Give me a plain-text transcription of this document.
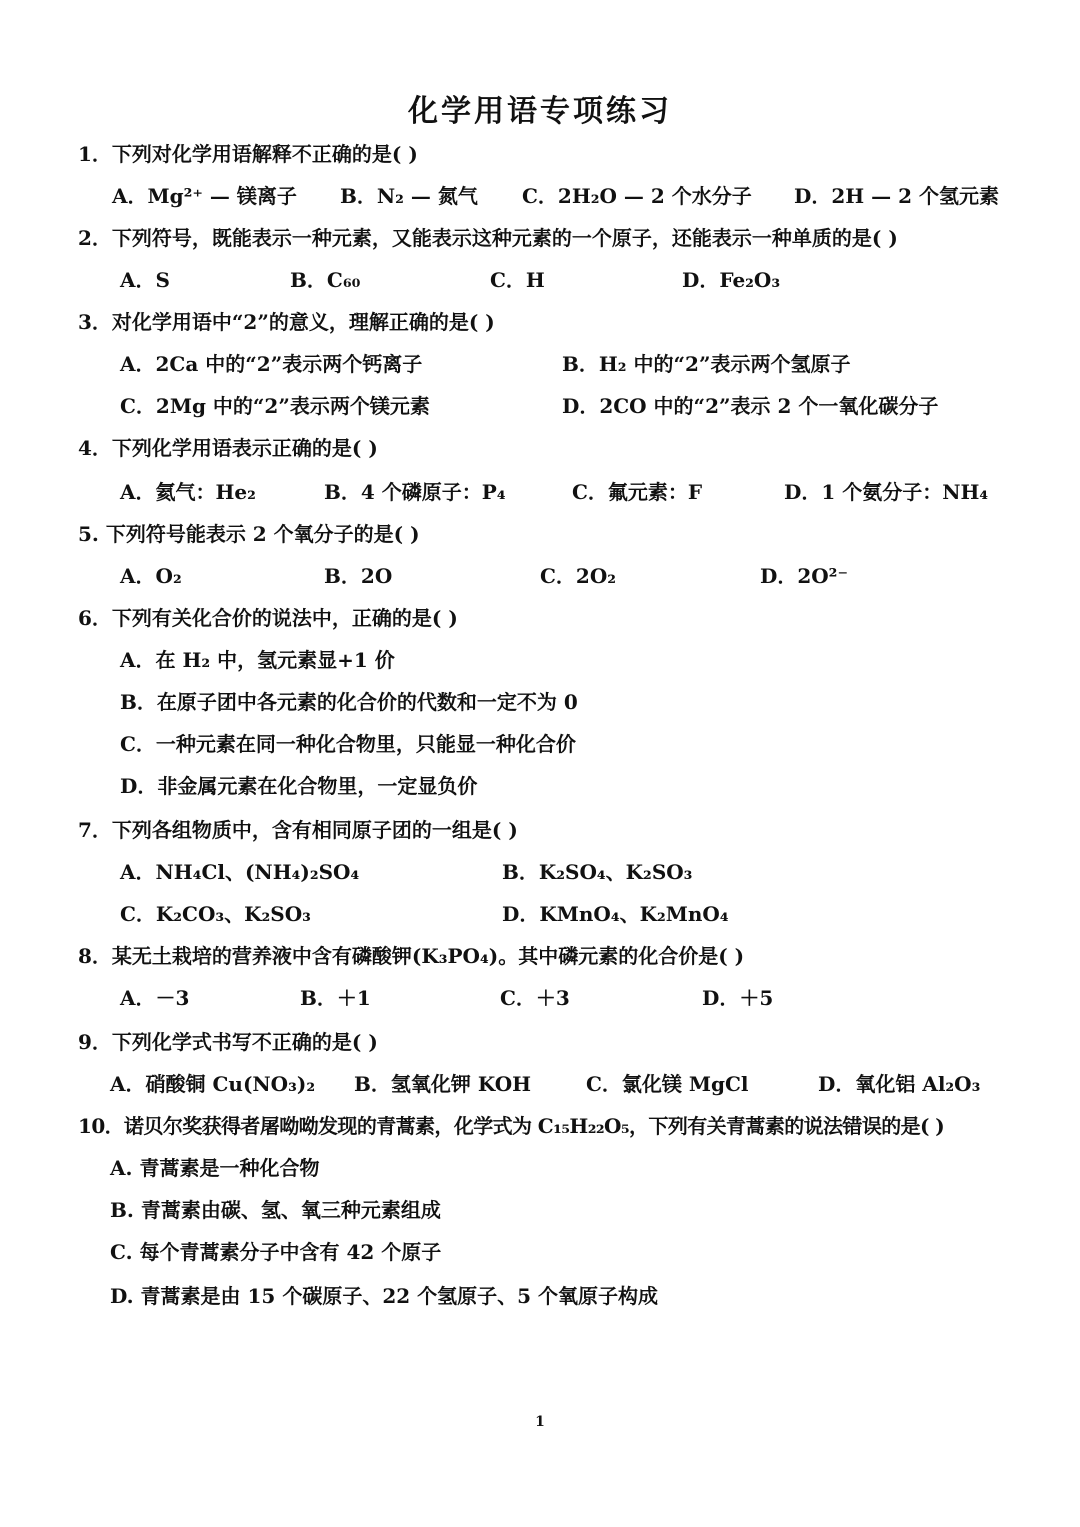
化学用语专项练习
1．下列对化学用语解释不正确的是( )
A．Mg²⁺ — 镁离子 B．N₂ — 氮气 C．2H₂O — 2 个水分子 D．2H — 2 个氢元素
2．下列符号，既能表示一种元素，又能表示这种元素的一个原子，还能表示一种单质的是( )
A．S	B．C₆₀	C．H	D．Fe₂O₃
3．对化学用语中“2”的意义，理解正确的是( )
A．2Ca 中的“2”表示两个钙离子	B．H₂ 中的“2”表示两个氢原子
C．2Mg 中的“2”表示两个镁元素	D．2CO 中的“2”表示 2 个一氧化碳分子
4．下列化学用语表示正确的是( )
A．氦气：He₂	B．4 个磷原子：P₄	C．氟元素：F	D．1 个氨分子：NH₄
5. 下列符号能表示 2 个氧分子的是( )
A．O₂	B．2O	C．2O₂	D．2O²⁻
6．下列有关化合价的说法中，正确的是( )
A．在 H₂ 中，氢元素显+1 价
B．在原子团中各元素的化合价的代数和一定不为 0
C．一种元素在同一种化合物里，只能显一种化合价
D．非金属元素在化合物里，一定显负价
7．下列各组物质中，含有相同原子团的一组是( )
A．NH₄Cl、(NH₄)₂SO₄	B．K₂SO₄、K₂SO₃
C．K₂CO₃、K₂SO₃	D．KMnO₄、K₂MnO₄
8．某无土栽培的营养液中含有磷酸钾(K₃PO₄)。其中磷元素的化合价是( )
A．－3	B．＋1	C．＋3	D．＋5
9．下列化学式书写不正确的是( )
A．硝酸铜 Cu(NO₃)₂ B．氢氧化钾 KOH	C．氯化镁 MgCl	D．氧化铝 Al₂O₃
10．诺贝尔奖获得者屠呦呦发现的青蒿素，化学式为 C₁₅H₂₂O₅，下列有关青蒿素的说法错误的是( )
A. 青蒿素是一种化合物
B. 青蒿素由碳、氢、氧三种元素组成
C. 每个青蒿素分子中含有 42 个原子
D. 青蒿素是由 15 个碳原子、22 个氢原子、5 个氧原子构成
1
